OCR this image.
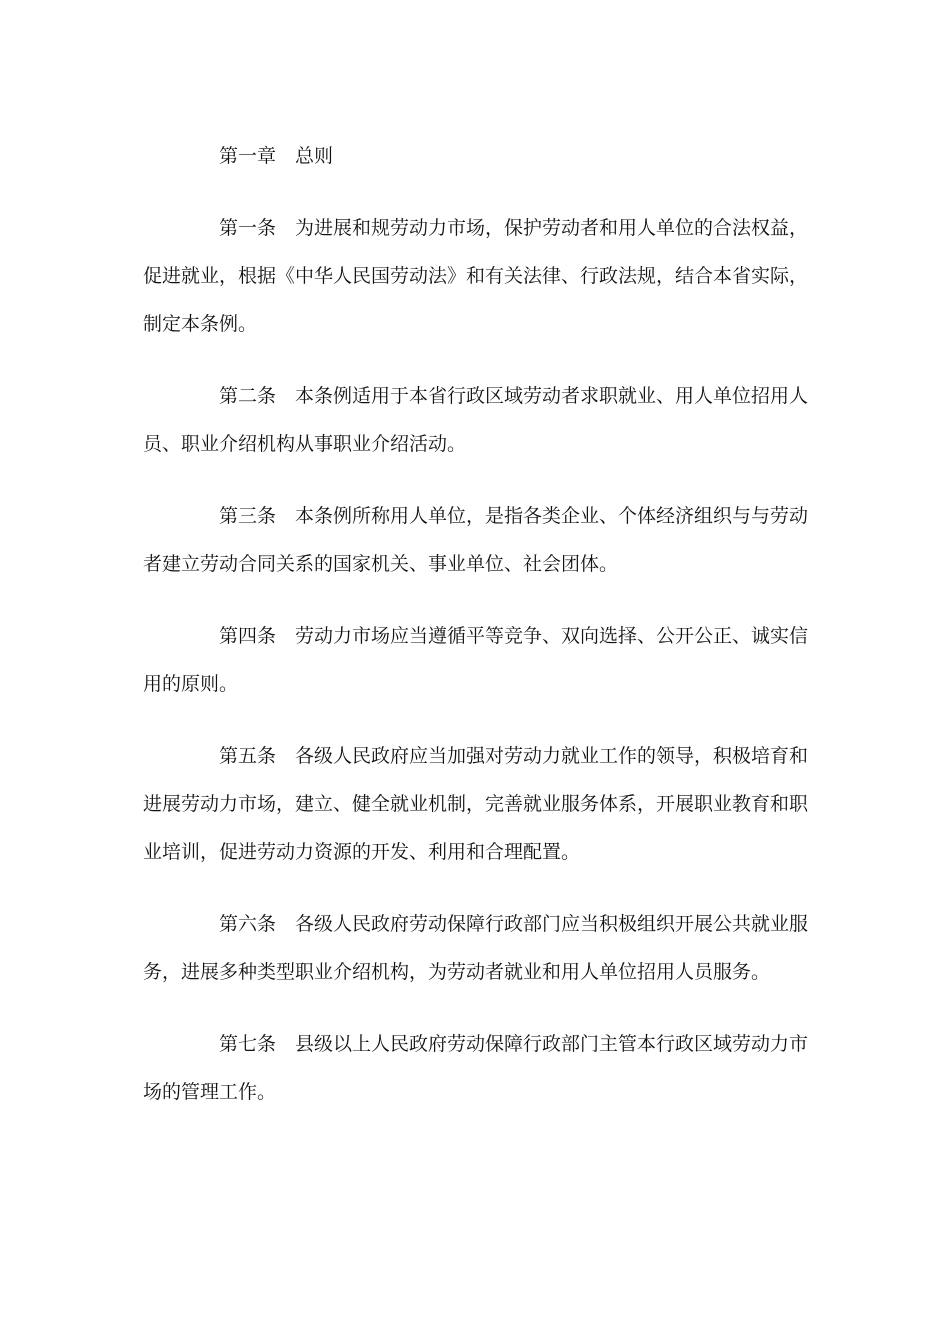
第一章 总则

第一条 为进展和规劳动力市场，保护劳动者和用人单位的合法权益，促进就业，根据《中华人民国劳动法》和有关法律、行政法规，结合本省实际，制定本条例。

第二条 本条例适用于本省行政区域劳动者求职就业、用人单位招用人员、职业介绍机构从事职业介绍活动。

第三条 本条例所称用人单位，是指各类企业、个体经济组织与与劳动者建立劳动合同关系的国家机关、事业单位、社会团体。

第四条 劳动力市场应当遵循平等竞争、双向选择、公开公正、诚实信用的原则。

第五条 各级人民政府应当加强对劳动力就业工作的领导，积极培育和进展劳动力市场，建立、健全就业机制，完善就业服务体系，开展职业教育和职业培训，促进劳动力资源的开发、利用和合理配置。

第六条 各级人民政府劳动保障行政部门应当积极组织开展公共就业服务，进展多种类型职业介绍机构，为劳动者就业和用人单位招用人员服务。

第七条 县级以上人民政府劳动保障行政部门主管本行政区域劳动力市场的管理工作。
